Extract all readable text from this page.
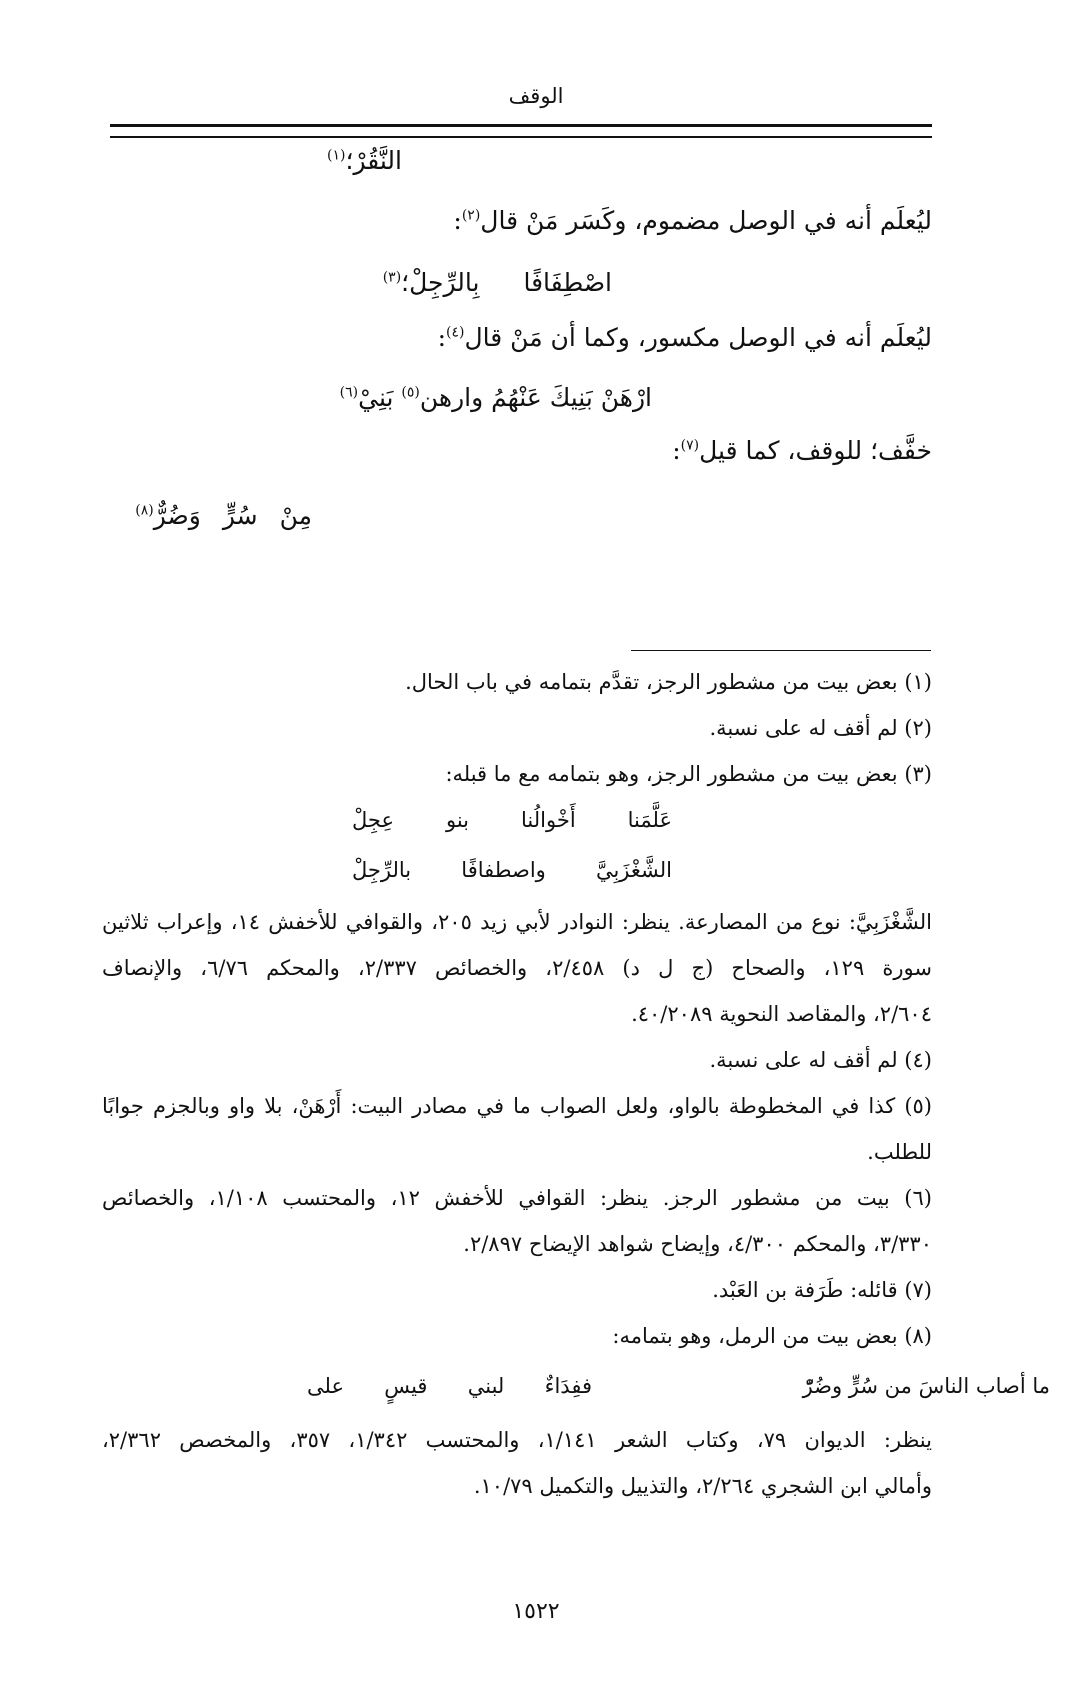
الوقف
النَّقُرْ؛$^{(١)}$
ليُعلَم أنه في الوصل مضموم، وكَسَر مَنْ قال$^{(٢)}$:
اصْطِفَافًابِالرِّجِلْ؛$^{(٣)}$
ليُعلَم أنه في الوصل مكسور، وكما أن مَنْ قال$^{(٤)}$:
ارْهَنْ بَنِيكَ عَنْهُمُ وارهن$^{(٥)}$ بَنِيْ$^{(٦)}$
خفَّف؛ للوقف، كما قيل$^{(٧)}$:
مِنْسُرٍّوَضُرٌّ$^{(٨)}$
(١) بعض بيت من مشطور الرجز، تقدَّم بتمامه في باب الحال.
(٢) لم أقف له على نسبة.
(٣) بعض بيت من مشطور الرجز، وهو بتمامه مع ما قبله:
عَلَّمَنا
أَخْوالُنا
بنو
عِجِلْ
الشَّغْزَبِيَّ
واصطفافًا
بالرِّجِلْ
الشَّغْزَبِيَّ: نوع من المصارعة. ينظر: النوادر لأبي زيد ٢٠٥، والقوافي للأخفش ١٤، وإعراب ثلاثين
سورة ١٢٩، والصحاح (ج ل د) ٢/٤٥٨، والخصائص ٢/٣٣٧، والمحكم ٦/٧٦، والإنصاف
٢/٦٠٤، والمقاصد النحوية ٤٠/٢٠٨٩.
(٤) لم أقف له على نسبة.
(٥) كذا في المخطوطة بالواو، ولعل الصواب ما في مصادر البيت: أَرْهَنْ، بلا واو وبالجزم جوابًا
للطلب.
(٦) بيت من مشطور الرجز. ينظر: القوافي للأخفش ١٢، والمحتسب ١/١٠٨، والخصائص
٣/٣٣٠، والمحكم ٤/٣٠٠، وإيضاح شواهد الإيضاح ٢/٨٩٧.
(٧) قائله: طَرَفة بن العَبْد.
(٨) بعض بيت من الرمل، وهو بتمامه:
ففِدَاءٌ
لبني
قيسٍ
على	ما أصاب الناسَ من سُرٍّ وضُرّْ
ينظر: الديوان ٧٩، وكتاب الشعر ١/١٤١، والمحتسب ١/٣٤٢، ٣٥٧، والمخصص ٢/٣٦٢،
وأمالي ابن الشجري ٢/٢٦٤، والتذييل والتكميل ١٠/٧٩.
١٥٢٢
